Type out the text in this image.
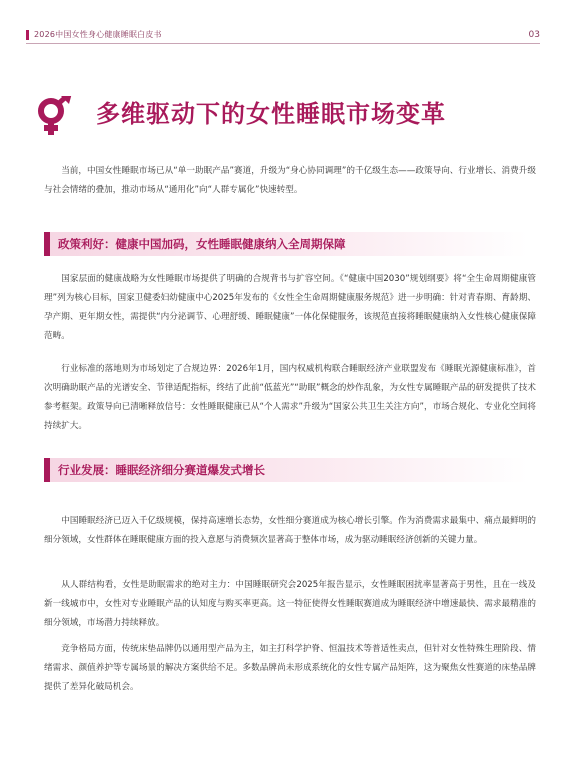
2026中国女性身心健康睡眠白皮书	03
多维驱动下的女性睡眠市场变革

当前，中国女性睡眠市场已从“单一助眠产品”赛道，升级为“身心协同调理”的千亿级生态——政策导向、行业增长、消费升级与社会情绪的叠加，推动市场从“通用化”向“人群专属化”快速转型。

政策利好：健康中国加码，女性睡眠健康纳入全周期保障

国家层面的健康战略为女性睡眠市场提供了明确的合规背书与扩容空间。《“健康中国2030”规划纲要》将“全生命周期健康管理”列为核心目标，国家卫健委妇幼健康中心2025年发布的《女性全生命周期健康服务规范》进一步明确：针对青春期、育龄期、孕产期、更年期女性，需提供“内分泌调节、心理舒缓、睡眠健康”一体化保健服务，该规范直接将睡眠健康纳入女性核心健康保障范畴。

行业标准的落地则为市场划定了合规边界：2026年1月，国内权威机构联合睡眠经济产业联盟发布《睡眠光源健康标准》，首次明确助眠产品的光谱安全、节律适配指标，终结了此前“低蓝光”“助眠”概念的炒作乱象，为女性专属睡眠产品的研发提供了技术参考框架。政策导向已清晰释放信号：女性睡眠健康已从“个人需求”升级为“国家公共卫生关注方向”，市场合规化、专业化空间将持续扩大。

行业发展：睡眠经济细分赛道爆发式增长

中国睡眠经济已迈入千亿级规模，保持高速增长态势，女性细分赛道成为核心增长引擎。作为消费需求最集中、痛点最鲜明的细分领域，女性群体在睡眠健康方面的投入意愿与消费频次显著高于整体市场，成为驱动睡眠经济创新的关键力量。

从人群结构看，女性是助眠需求的绝对主力：中国睡眠研究会2025年报告显示，女性睡眠困扰率显著高于男性，且在一线及新一线城市中，女性对专业睡眠产品的认知度与购买率更高。这一特征使得女性睡眠赛道成为睡眠经济中增速最快、需求最精准的细分领域，市场潜力持续释放。

竞争格局方面，传统床垫品牌仍以通用型产品为主，如主打科学护脊、恒温技术等普适性卖点，但针对女性特殊生理阶段、情绪需求、颜值养护等专属场景的解决方案供给不足。多数品牌尚未形成系统化的女性专属产品矩阵，这为聚焦女性赛道的床垫品牌提供了差异化破局机会。
